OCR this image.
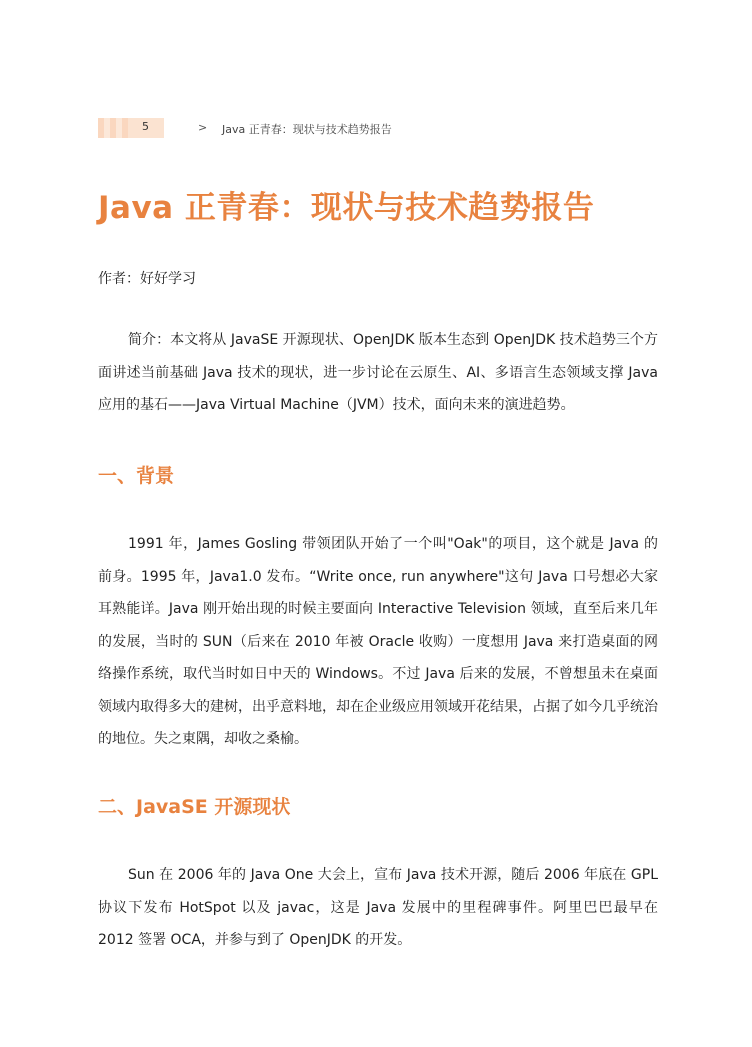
5	> Java 正青春：现状与技术趋势报告
Java 正青春：现状与技术趋势报告
作者：好好学习

简介：本文将从 JavaSE 开源现状、OpenJDK 版本生态到 OpenJDK 技术趋势三个方面讲述当前基础 Java 技术的现状，进一步讨论在云原生、AI、多语言生态领域支撑 Java 应用的基石——Java Virtual Machine（JVM）技术，面向未来的演进趋势。

一、背景

1991 年，James Gosling 带领团队开始了一个叫"Oak"的项目，这个就是 Java 的前身。1995 年，Java1.0 发布。“Write once, run anywhere"这句 Java 口号想必大家耳熟能详。Java 刚开始出现的时候主要面向 Interactive Television 领域，直至后来几年的发展，当时的 SUN（后来在 2010 年被 Oracle 收购）一度想用 Java 来打造桌面的网络操作系统，取代当时如日中天的 Windows。不过 Java 后来的发展，不曾想虽未在桌面领域内取得多大的建树，出乎意料地，却在企业级应用领域开花结果，占据了如今几乎统治的地位。失之東隅，却收之桑榆。

二、JavaSE 开源现状

Sun 在 2006 年的 Java One 大会上，宣布 Java 技术开源，随后 2006 年底在 GPL 协议下发布 HotSpot 以及 javac，这是 Java 发展中的里程碑事件。阿里巴巴最早在 2012 签署 OCA，并参与到了 OpenJDK 的开发。
